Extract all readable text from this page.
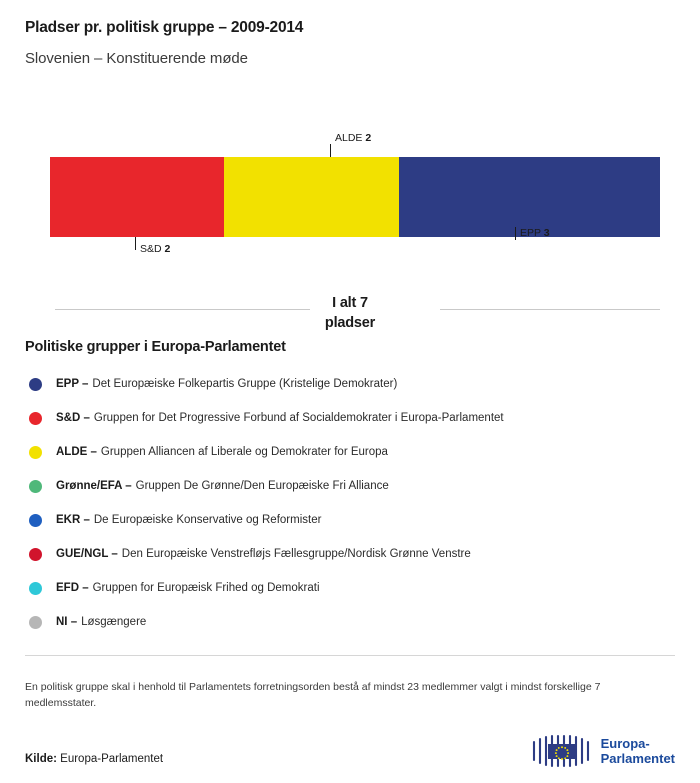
Pladser pr. politisk gruppe – 2009-2014
Slovenien – Konstituerende møde
ALDE 2
S&D 2
EPP 3
I alt 7
pladser
Politiske grupper i Europa-Parlamentet
EPP – Det Europæiske Folkepartis Gruppe (Kristelige Demokrater)
S&D – Gruppen for Det Progressive Forbund af Socialdemokrater i Europa-Parlamentet
ALDE – Gruppen Alliancen af Liberale og Demokrater for Europa
Grønne/EFA – Gruppen De Grønne/Den Europæiske Fri Alliance
EKR – De Europæiske Konservative og Reformister
GUE/NGL – Den Europæiske Venstrefløjs Fællesgruppe/Nordisk Grønne Venstre
EFD – Gruppen for Europæisk Frihed og Demokrati
NI – Løsgængere

En politisk gruppe skal i henhold til Parlamentets forretningsorden bestå af mindst 23 medlemmer valgt i mindst forskellige 7 medlemsstater.

Kilde: Europa-Parlamentet
Europa-
Parlamentet
